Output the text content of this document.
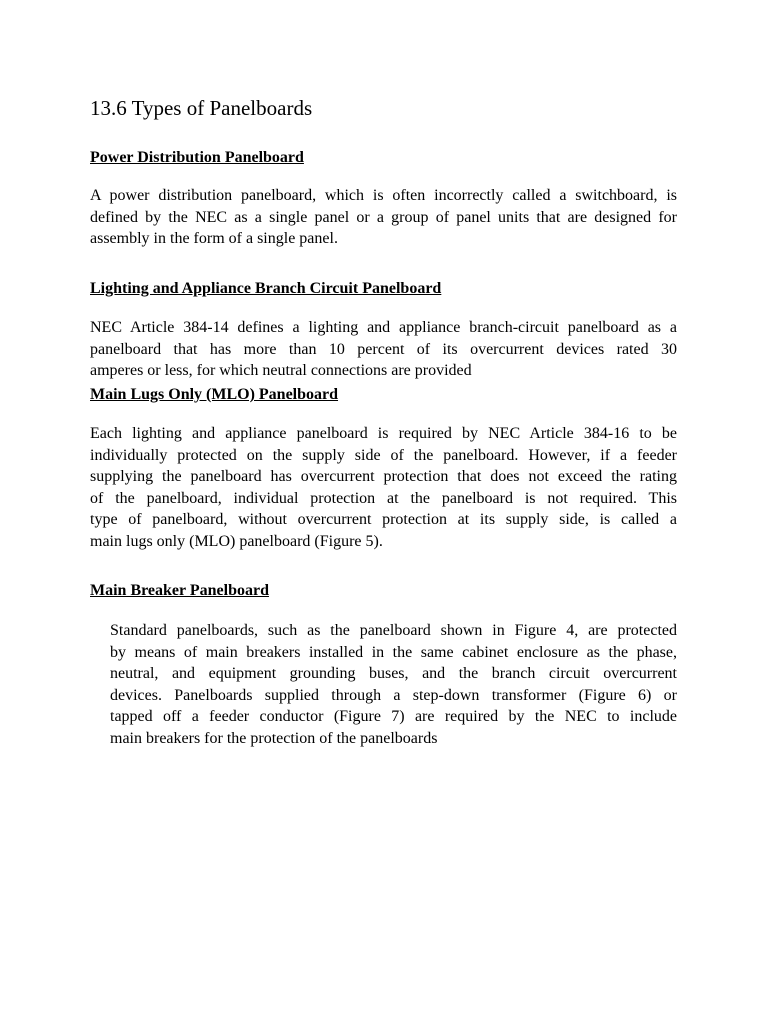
13.6 Types of Panelboards
Power Distribution Panelboard
A power distribution panelboard, which is often incorrectly called a switchboard, is
defined by the NEC as a single panel or a group of panel units that are designed for
assembly in the form of a single panel.
Lighting and Appliance Branch Circuit Panelboard
NEC Article 384-14 defines a lighting and appliance branch-circuit panelboard as a
panelboard that has more than 10 percent of its overcurrent devices rated 30
amperes or less, for which neutral connections are provided
Main Lugs Only (MLO) Panelboard
Each lighting and appliance panelboard is required by NEC Article 384-16 to be
individually protected on the supply side of the panelboard. However, if a feeder
supplying the panelboard has overcurrent protection that does not exceed the rating
of the panelboard, individual protection at the panelboard is not required. This
type of panelboard, without overcurrent protection at its supply side, is called a
main lugs only (MLO) panelboard (Figure 5).
Main Breaker Panelboard
Standard panelboards, such as the panelboard shown in Figure 4, are protected
by means of main breakers installed in the same cabinet enclosure as the phase,
neutral, and equipment grounding buses, and the branch circuit overcurrent
devices. Panelboards supplied through a step-down transformer (Figure 6) or
tapped off a feeder conductor (Figure 7) are required by the NEC to include
main breakers for the protection of the panelboards
